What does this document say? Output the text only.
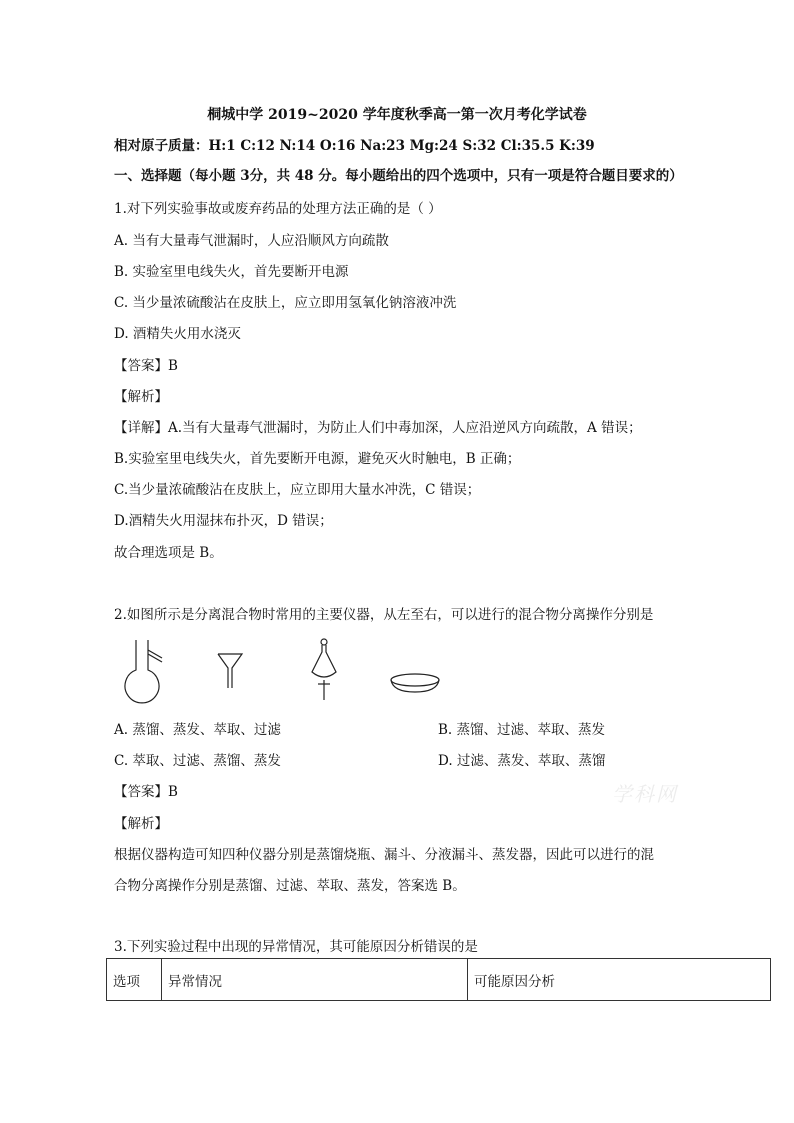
桐城中学 2019~2020 学年度秋季高一第一次月考化学试卷
相对原子质量：H:1 C:12 N:14 O:16 Na:23 Mg:24 S:32 Cl:35.5 K:39
一、选择题（每小题 3分，共 48 分。每小题给出的四个选项中，只有一项是符合题目要求的）
1.对下列实验事故或废弃药品的处理方法正确的是（ ）
A. 当有大量毒气泄漏时，人应沿顺风方向疏散
B. 实验室里电线失火，首先要断开电源
C. 当少量浓硫酸沾在皮肤上，应立即用氢氧化钠溶液冲洗
D. 酒精失火用水浇灭
【答案】B
【解析】
【详解】A.当有大量毒气泄漏时，为防止人们中毒加深，人应沿逆风方向疏散，A 错误；
B.实验室里电线失火，首先要断开电源，避免灭火时触电，B 正确；
C.当少量浓硫酸沾在皮肤上，应立即用大量水冲洗，C 错误；
D.酒精失火用湿抹布扑灭，D 错误；
故合理选项是 B。
2.如图所示是分离混合物时常用的主要仪器，从左至右，可以进行的混合物分离操作分别是
A. 蒸馏、蒸发、萃取、过滤	B. 蒸馏、过滤、萃取、蒸发
C. 萃取、过滤、蒸馏、蒸发	D. 过滤、蒸发、萃取、蒸馏
【答案】B
【解析】
根据仪器构造可知四种仪器分别是蒸馏烧瓶、漏斗、分液漏斗、蒸发器，因此可以进行的混
合物分离操作分别是蒸馏、过滤、萃取、蒸发，答案选 B。
学科网
3.下列实验过程中出现的异常情况，其可能原因分析错误的是
选项	异常情况	可能原因分析
